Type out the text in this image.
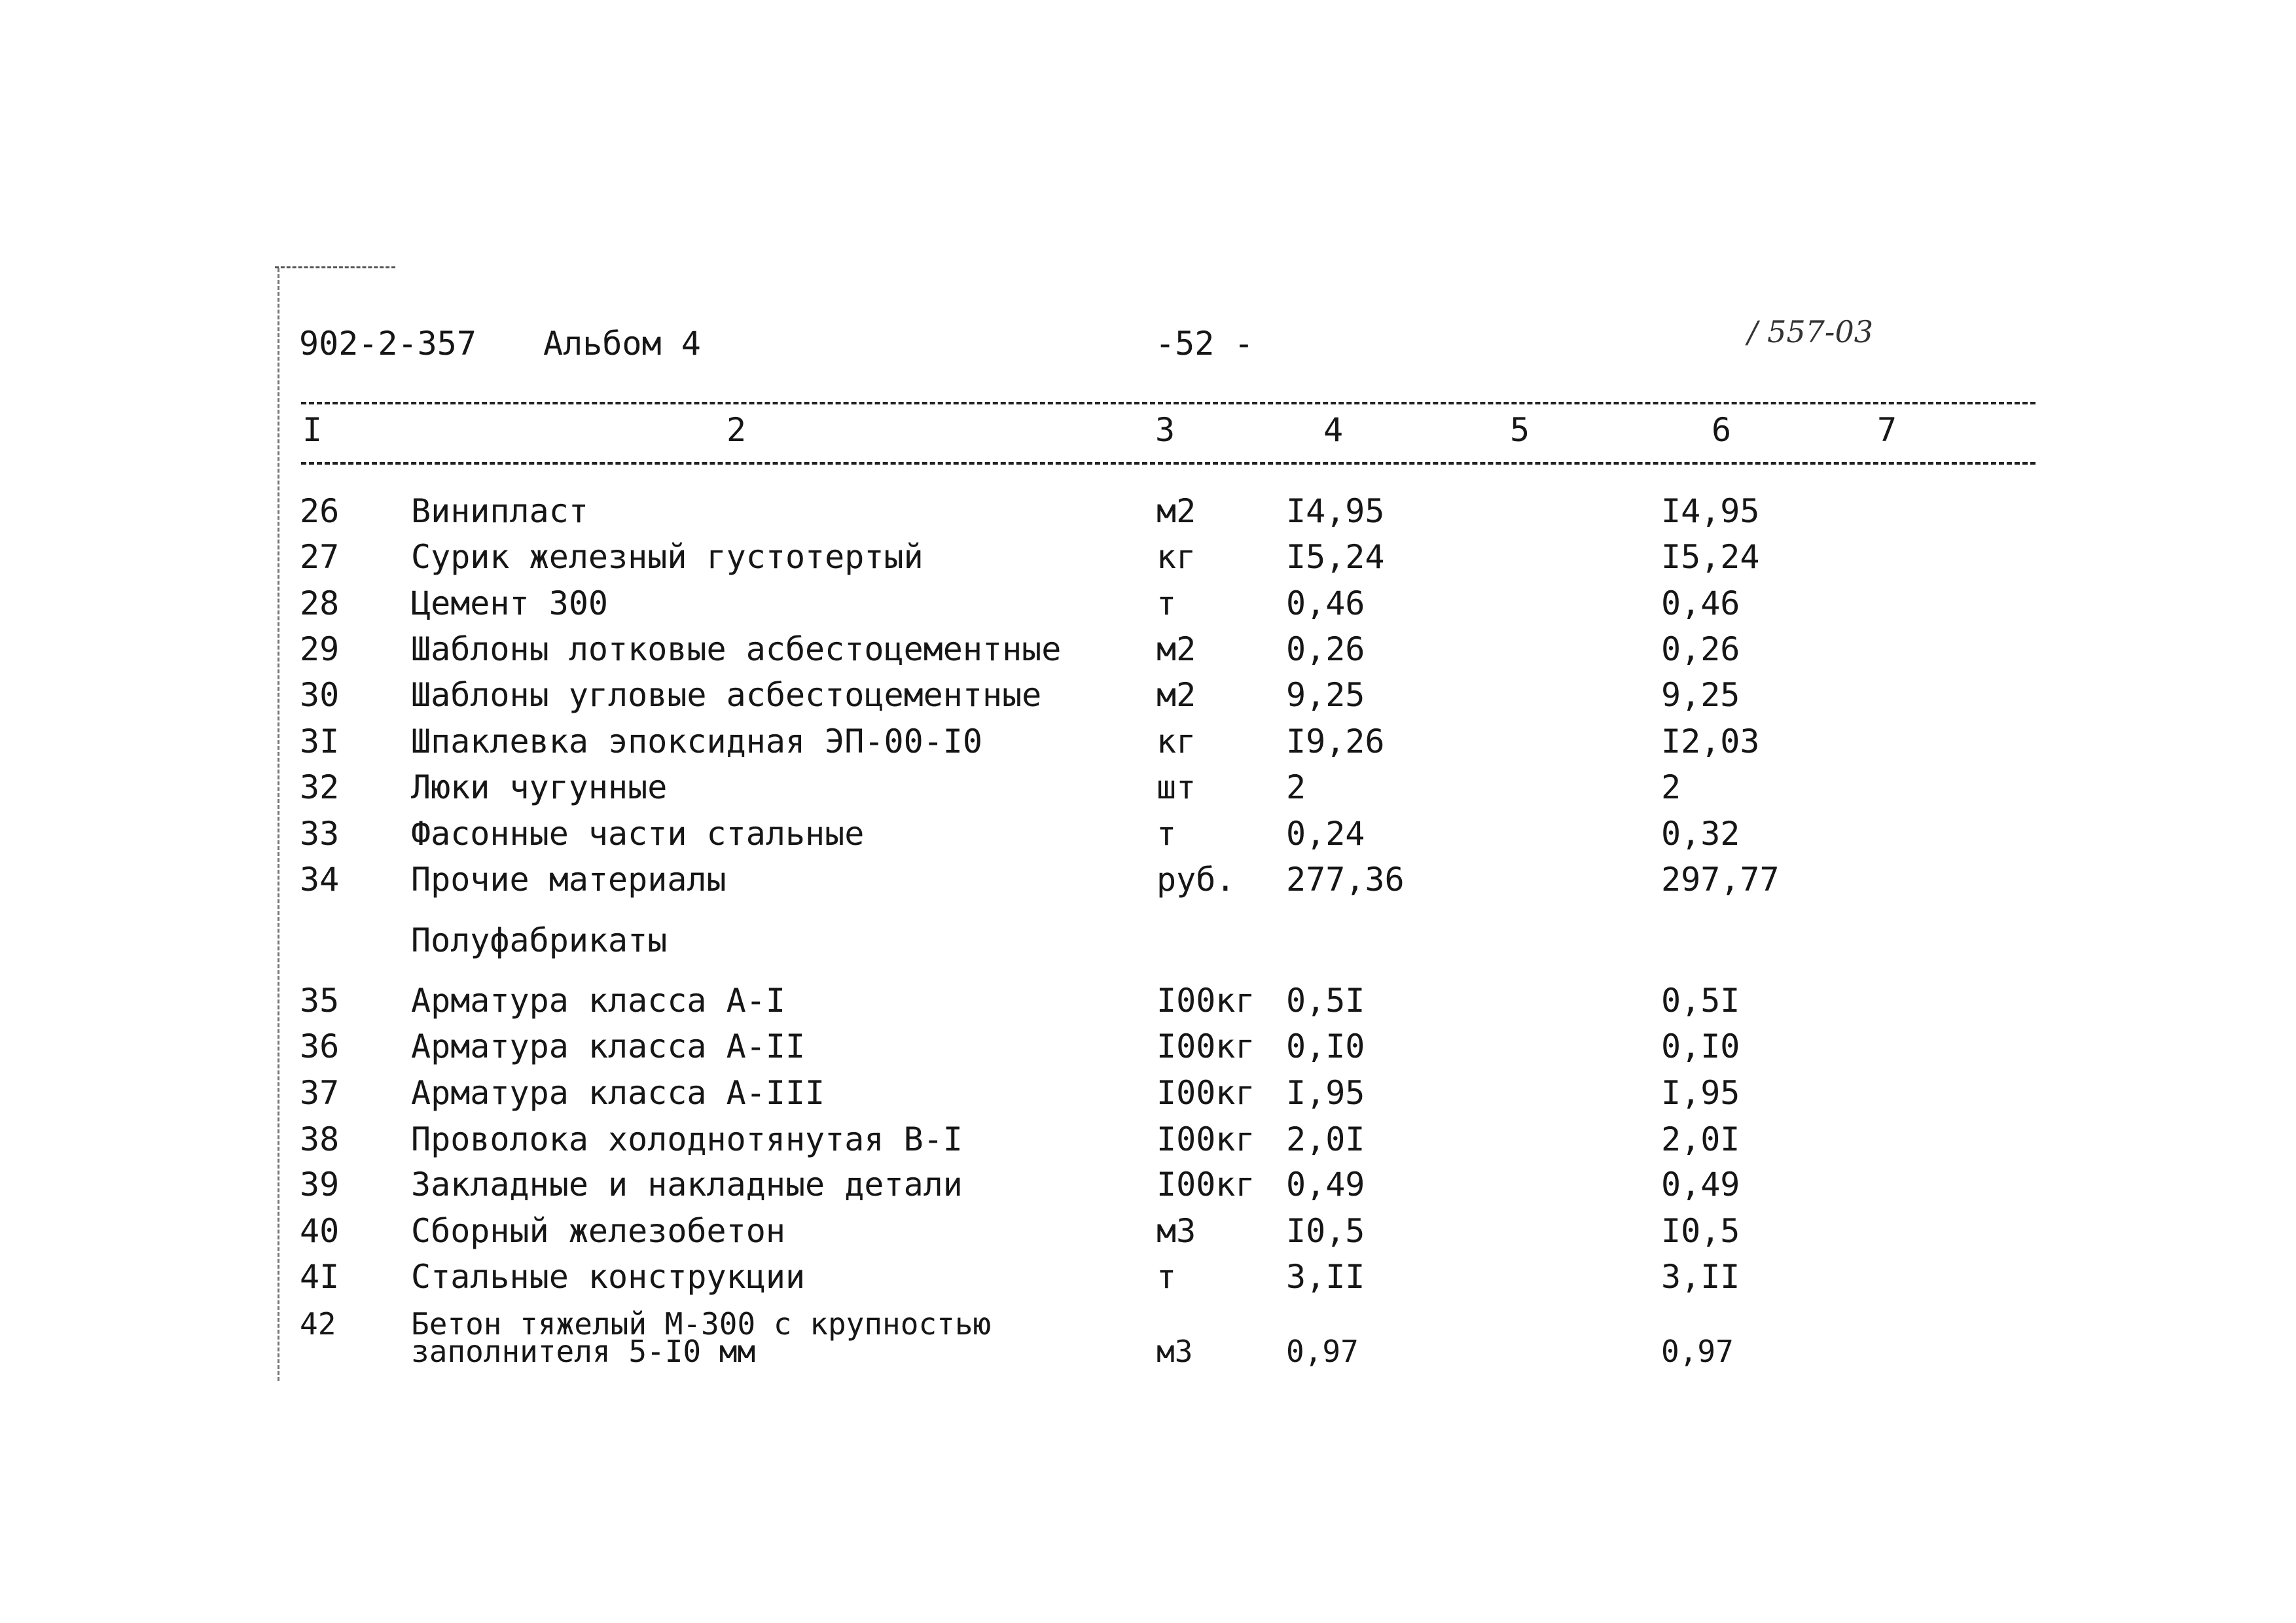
902-2-357 Альбом 4	-52 -	/ 557-03
I	2	3	4	5	6	7
26 Винипласт	м2	I4,95	I4,95
27 Сурик железный густотертый	кг	I5,24	I5,24
28 Цемент 300	т	0,46	0,46
29 Шаблоны лотковые асбестоцементные	м2	0,26	0,26
30 Шаблоны угловые асбестоцементные	м2	9,25	9,25
3I Шпаклевка эпоксидная ЭП-00-I0	кг	I9,26	I2,03
32 Люки чугунные	шт	2	2
33 Фасонные части стальные	т	0,24	0,32
34 Прочие материалы	руб. 277,36	297,77
Полуфабрикаты
35 Арматура класса А-I	I00кг 0,5I	0,5I
36 Арматура класса А-II	I00кг 0,I0	0,I0
37 Арматура класса А-III	I00кг I,95	I,95
38 Проволока холоднотянутая В-I	I00кг 2,0I	2,0I
39 Закладные и накладные детали	I00кг 0,49	0,49
40 Сборный железобетон	м3	I0,5	I0,5
4I Стальные конструкции	т	3,II	3,II
42 Бетон тяжелый М-300 с крупностью
заполнителя 5-I0 мм	м3	0,97	0,97
